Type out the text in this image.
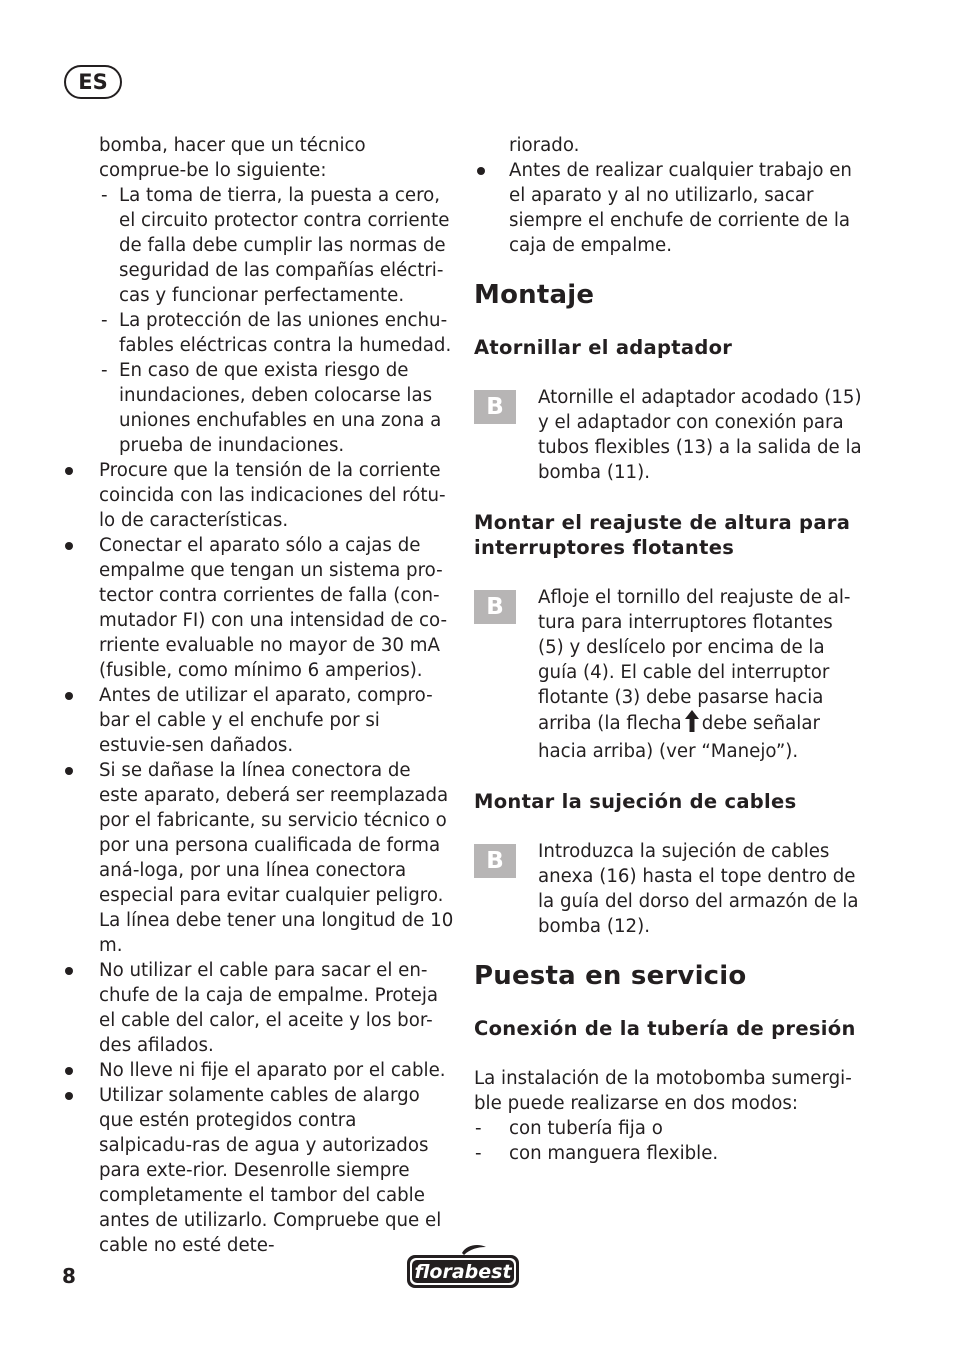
ES

bomba, hacer que un técnico comprue-be lo siguiente:

- La toma de tierra, la puesta a cero, el circuito protector contra corriente de falla debe cumplir las normas de seguridad de las compañías eléctri-cas y funcionar perfectamente.
- La protección de las uniones enchu-fables eléctricas contra la humedad.
- En caso de que exista riesgo de inundaciones, deben colocarse las uniones enchufables en una zona a prueba de inundaciones.
Procure que la tensión de la corriente coincida con las indicaciones del rótu-lo de características.
Conectar el aparato sólo a cajas de empalme que tengan un sistema pro-tector contra corrientes de falla (con-mutador FI) con una intensidad de co-rriente evaluable no mayor de 30 mA (fusible, como mínimo 6 amperios).
Antes de utilizar el aparato, compro-bar el cable y el enchufe por si estuvie-sen dañados.
Si se dañase la línea conectora de este aparato, deberá ser reemplazada por el fabricante, su servicio técnico o por una persona cualificada de forma aná-loga, por una línea conectora especial para evitar cualquier peligro. La línea debe tener una longitud de 10 m.
No utilizar el cable para sacar el en-chufe de la caja de empalme. Proteja el cable del calor, el aceite y los bor-des afilados.
No lleve ni fije el aparato por el cable.
Utilizar solamente cables de alargo que estén protegidos contra salpicadu-ras de agua y autorizados para exte-rior. Desenrolle siempre completamente el tambor del cable antes de utilizarlo. Compruebe que el cable no esté dete-

riorado.

Antes de realizar cualquier trabajo en el aparato y al no utilizarlo, sacar siempre el enchufe de corriente de la caja de empalme.
Montaje
Atornillar el adaptador
B	Atornille el adaptador acodado (15) y el adaptador con conexión para tubos flexibles (13) a la salida de la bomba (11).
Montar el reajuste de altura para interruptores flotantes
B	Afloje el tornillo del reajuste de al-tura para interruptores flotantes (5) y deslícelo por encima de la guía (4). El cable del interruptor flotante (3) debe pasarse hacia arriba (la flecha debe señalar hacia arriba) (ver “Manejo”).
Montar la sujeción de cables
B	Introduzca la sujeción de cables anexa (16) hasta el tope dentro de la guía del dorso del armazón de la bomba (12).
Puesta en servicio
Conexión de la tubería de presión

La instalación de la motobomba sumergi-ble puede realizarse en dos modos:

- con tubería fija o
- con manguera flexible.
8	florabest
